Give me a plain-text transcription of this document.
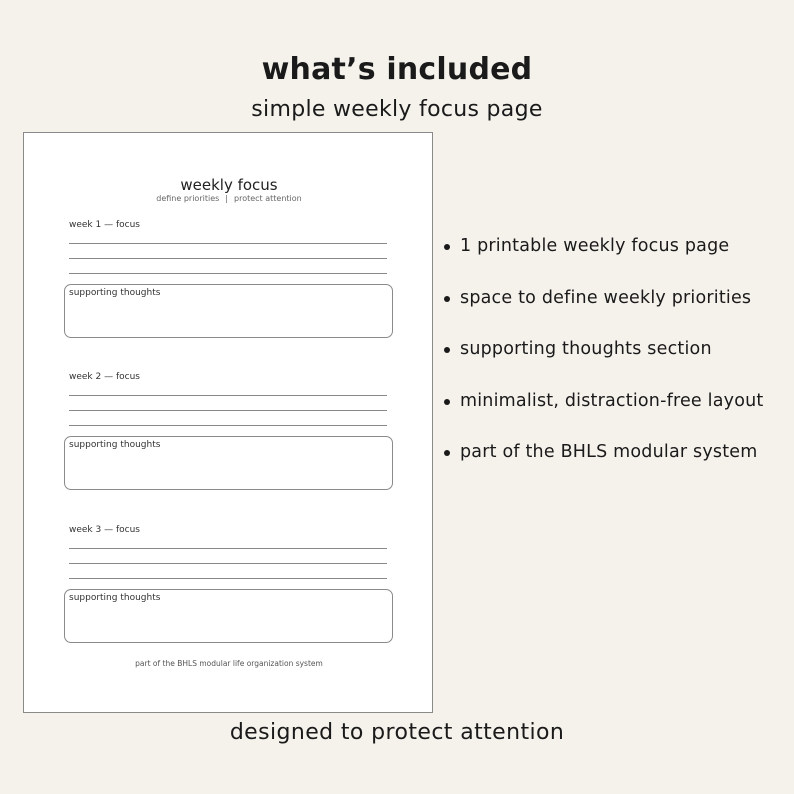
what’s included
simple weekly focus page
weekly focus
define priorities | protect attention
week 1 — focus
supporting thoughts
week 2 — focus
supporting thoughts
week 3 — focus
supporting thoughts
part of the BHLS modular life organization system
1 printable weekly focus page
space to define weekly priorities
supporting thoughts section
minimalist, distraction-free layout
part of the BHLS modular system
designed to protect attention
